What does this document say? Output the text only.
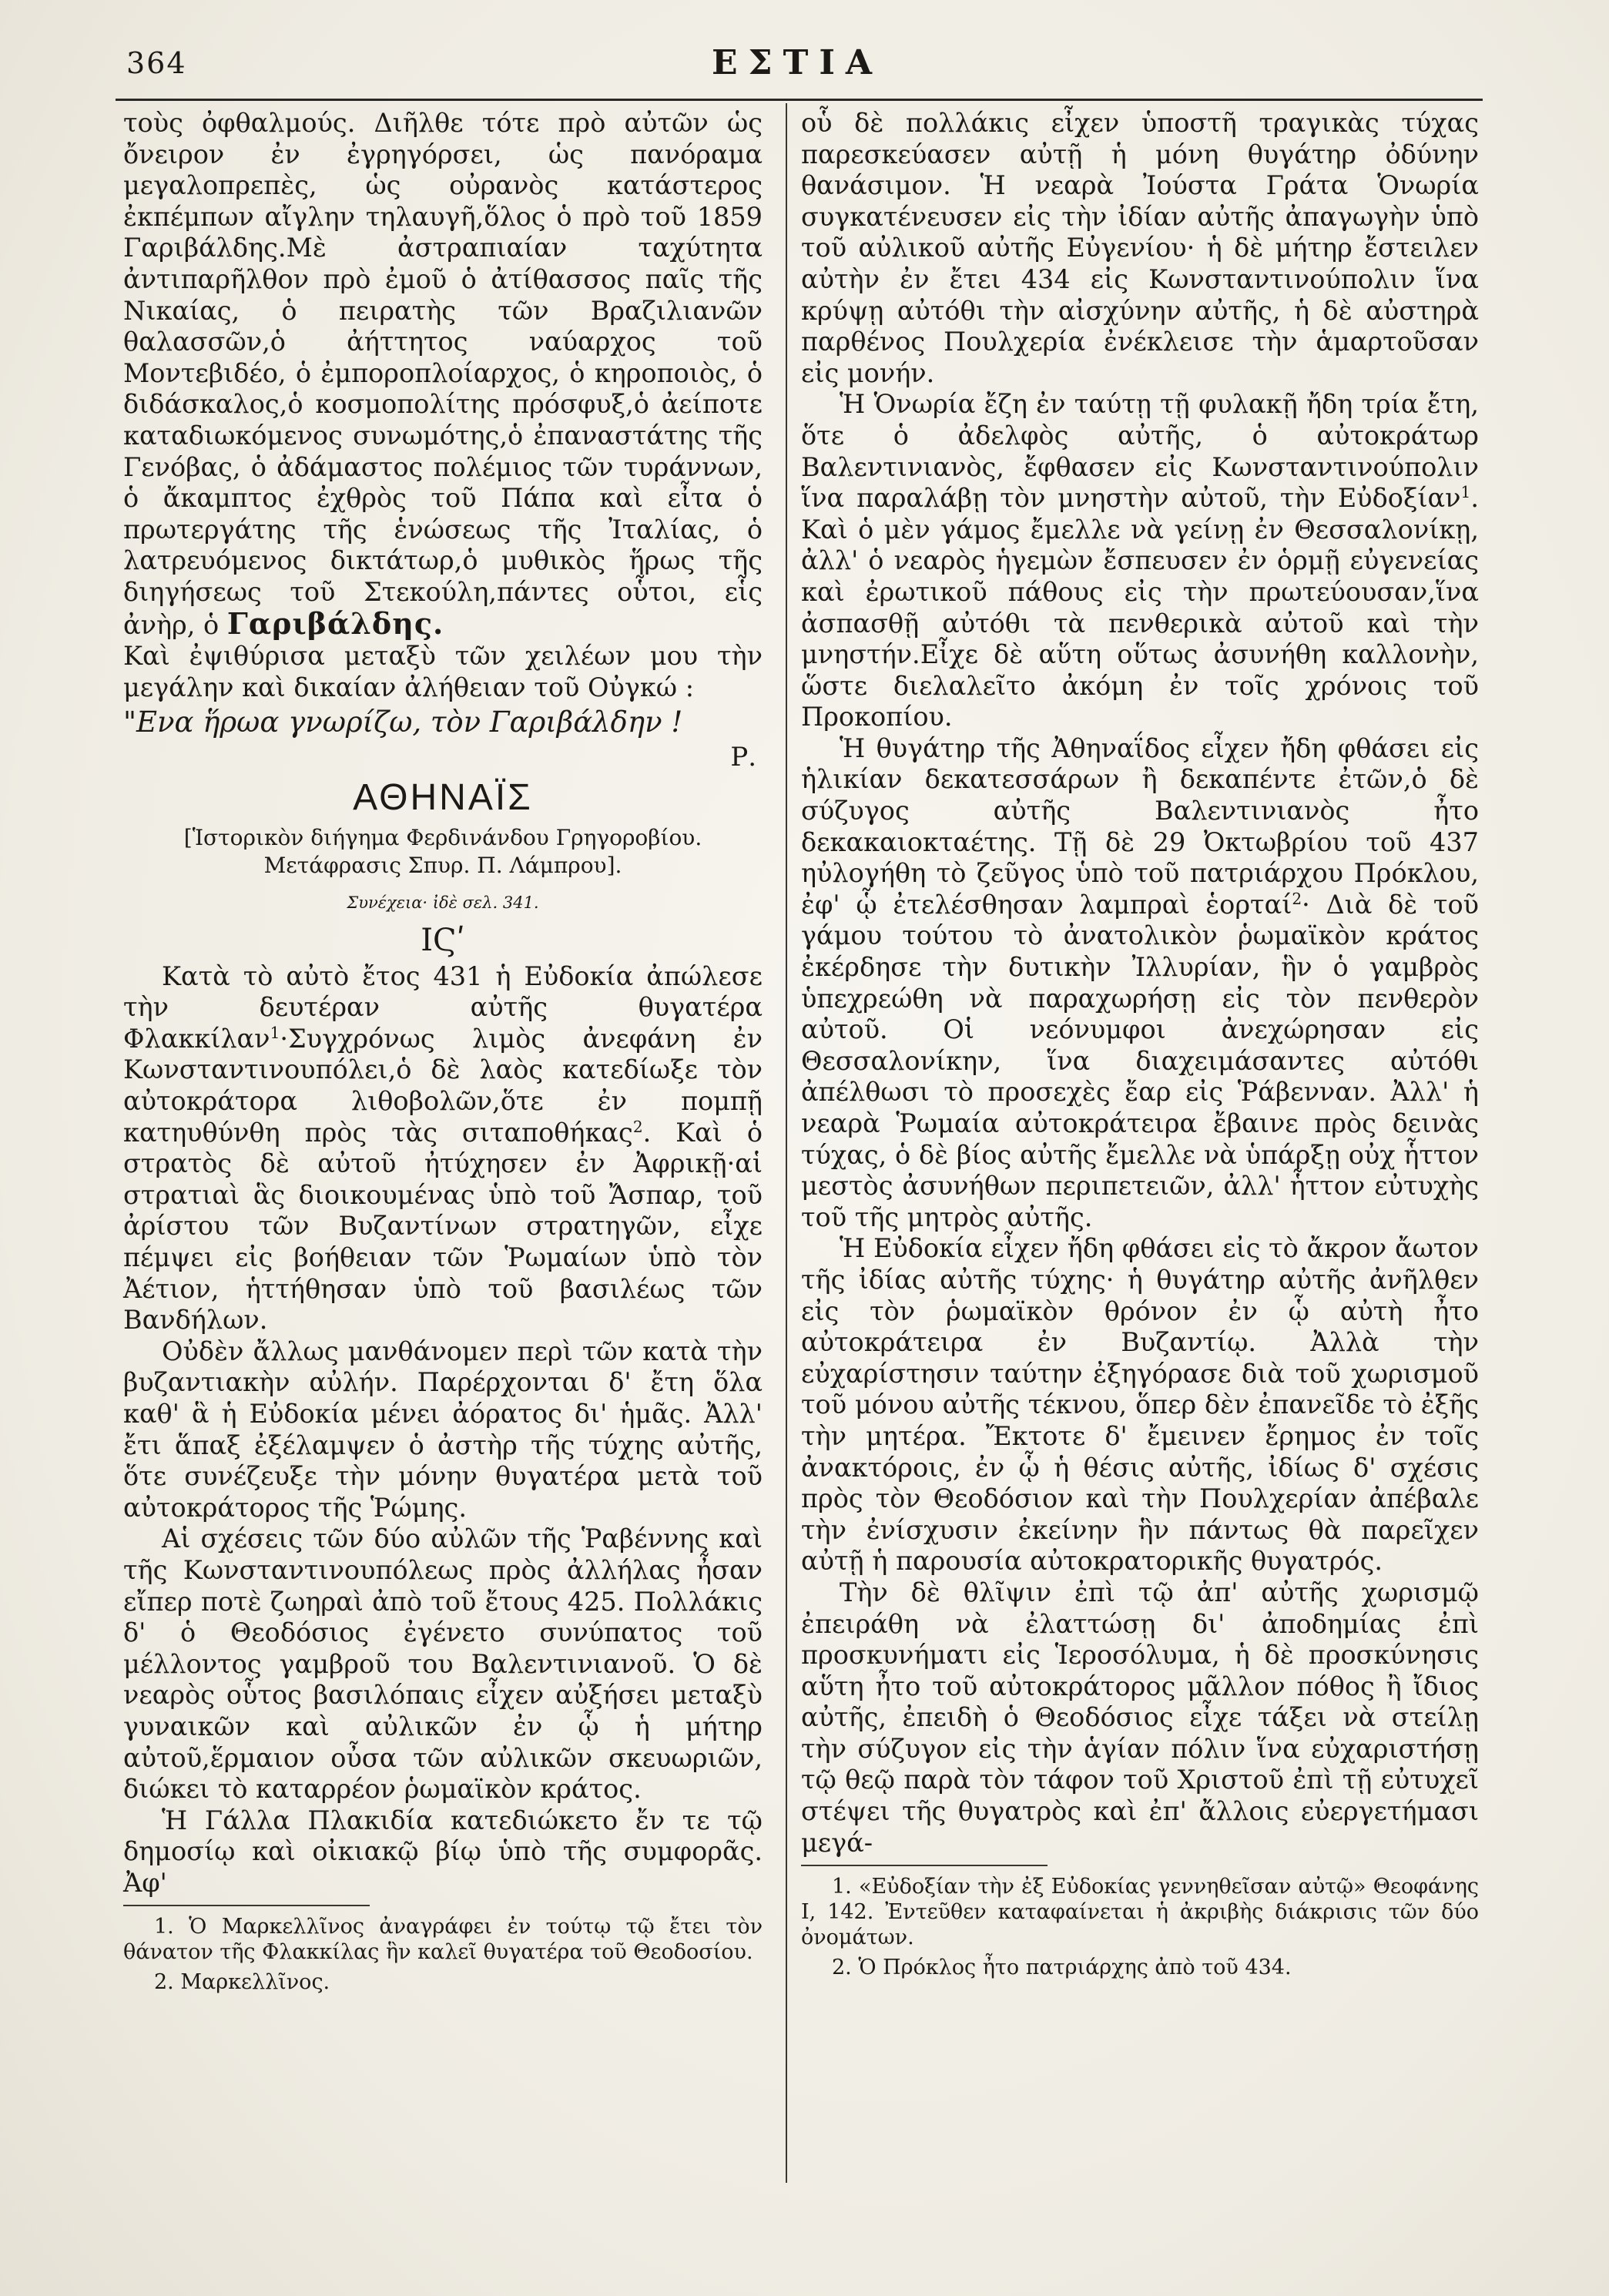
364	ΕΣΤΙΑ

τοὺς ὀφθαλμούς. Διῆλθε τότε πρὸ αὐτῶν ὡς ὄνειρον ἐν ἐγρηγόρσει, ὡς πανόραμα μεγαλοπρεπὲς, ὡς οὐρανὸς κατάστερος ἐκπέμπων αἴγλην τηλαυγῆ,ὅλος ὁ πρὸ τοῦ 1859 Γαριβάλδης.Μὲ ἀστραπιαίαν ταχύτητα ἀντιπαρῆλθον πρὸ ἐμοῦ ὁ ἀτίθασσος παῖς τῆς Νικαίας, ὁ πειρατὴς τῶν Βραζιλιανῶν θαλασσῶν,ὁ ἀήττητος ναύαρχος τοῦ Μοντεβιδέο, ὁ ἐμποροπλοίαρχος, ὁ κηροποιὸς, ὁ διδάσκαλος,ὁ κοσμοπολίτης πρόσφυξ,ὁ ἀείποτε καταδιωκόμενος συνωμότης,ὁ ἐπαναστάτης τῆς Γενόβας, ὁ ἀδάμαστος πολέμιος τῶν τυράννων, ὁ ἄκαμπτος ἐχθρὸς τοῦ Πάπα καὶ εἶτα ὁ πρωτεργάτης τῆς ἑνώσεως τῆς Ἰταλίας, ὁ λατρευόμενος δικτάτωρ,ὁ μυθικὸς ἥρως τῆς διηγήσεως τοῦ Στεκούλη,πάντες οὗτοι, εἷς ἀνὴρ, ὁ Γαριβάλδης.

Καὶ ἐψιθύρισα μεταξὺ τῶν χειλέων μου τὴν μεγάλην καὶ δικαίαν ἀλήθειαν τοῦ Οὐγκώ :

"Ενα ἥρωα γνωρίζω, τὸν Γαριβάλδην !

Ρ.

ΑΘΗΝΑΪΣ
[Ἱστορικὸν διήγημα Φερδινάνδου Γρηγοροβίου.
Μετάφρασις Σπυρ. Π. Λάμπρου].
Συνέχεια· ἰδὲ σελ. 341.
ΙϚʹ

Κατὰ τὸ αὐτὸ ἔτος 431 ἡ Εὐδοκία ἀπώλεσε τὴν δευτέραν αὐτῆς θυγατέρα Φλακκίλαν$^1$·Συγχρόνως λιμὸς ἀνεφάνη ἐν Κωνσταντινουπόλει,ὁ δὲ λαὸς κατεδίωξε τὸν αὐτοκράτορα λιθοβολῶν,ὅτε ἐν πομπῇ κατηυθύνθη πρὸς τὰς σιταποθήκας$^2$. Καὶ ὁ στρατὸς δὲ αὐτοῦ ἠτύχησεν ἐν Ἀφρικῇ·αἱ στρατιαὶ ἃς διοικουμένας ὑπὸ τοῦ Ἄσπαρ, τοῦ ἀρίστου τῶν Βυζαντίνων στρατηγῶν, εἶχε πέμψει εἰς βοήθειαν τῶν Ῥωμαίων ὑπὸ τὸν Ἀέτιον, ἡττήθησαν ὑπὸ τοῦ βασιλέως τῶν Βανδήλων.

Οὐδὲν ἄλλως μανθάνομεν περὶ τῶν κατὰ τὴν βυζαντιακὴν αὐλήν. Παρέρχονται δ' ἔτη ὅλα καθ' ἃ ἡ Εὐδοκία μένει ἀόρατος δι' ἡμᾶς. Ἀλλ' ἔτι ἅπαξ ἐξέλαμψεν ὁ ἀστὴρ τῆς τύχης αὐτῆς, ὅτε συνέζευξε τὴν μόνην θυγατέρα μετὰ τοῦ αὐτοκράτορος τῆς Ῥώμης.

Αἱ σχέσεις τῶν δύο αὐλῶν τῆς Ῥαβέννης καὶ τῆς Κωνσταντινουπόλεως πρὸς ἀλλήλας ἦσαν εἴπερ ποτὲ ζωηραὶ ἀπὸ τοῦ ἔτους 425. Πολλάκις δ' ὁ Θεοδόσιος ἐγένετο συνύπατος τοῦ μέλλοντος γαμβροῦ του Βαλεντινιανοῦ. Ὁ δὲ νεαρὸς οὗτος βασιλόπαις εἶχεν αὐξήσει μεταξὺ γυναικῶν καὶ αὐλικῶν ἐν ᾧ ἡ μήτηρ αὐτοῦ,ἕρμαιον οὖσα τῶν αὐλικῶν σκευωριῶν, διώκει τὸ καταρρέον ῥωμαϊκὸν κράτος.

Ἡ Γάλλα Πλακιδία κατεδιώκετο ἔν τε τῷ δημοσίῳ καὶ οἰκιακῷ βίῳ ὑπὸ τῆς συμφορᾶς. Ἀφ'

1. Ὁ Μαρκελλῖνος ἀναγράφει ἐν τούτῳ τῷ ἔτει τὸν θάνατον τῆς Φλακκίλας ἣν καλεῖ θυγατέρα τοῦ Θεοδοσίου.

2. Μαρκελλῖνος.

οὗ δὲ πολλάκις εἶχεν ὑποστῆ τραγικὰς τύχας παρεσκεύασεν αὐτῇ ἡ μόνη θυγάτηρ ὀδύνην θανάσιμον. Ἡ νεαρὰ Ἰούστα Γράτα Ὁνωρία συγκατένευσεν εἰς τὴν ἰδίαν αὐτῆς ἀπαγωγὴν ὑπὸ τοῦ αὐλικοῦ αὐτῆς Εὐγενίου· ἡ δὲ μήτηρ ἔστειλεν αὐτὴν ἐν ἔτει 434 εἰς Κωνσταντινούπολιν ἵνα κρύψῃ αὐτόθι τὴν αἰσχύνην αὐτῆς, ἡ δὲ αὐστηρὰ παρθένος Πουλχερία ἐνέκλεισε τὴν ἁμαρτοῦσαν εἰς μονήν.

Ἡ Ὁνωρία ἔζη ἐν ταύτῃ τῇ φυλακῇ ἤδη τρία ἔτη, ὅτε ὁ ἀδελφὸς αὐτῆς, ὁ αὐτοκράτωρ Βαλεντινιανὸς, ἔφθασεν εἰς Κωνσταντινούπολιν ἵνα παραλάβῃ τὸν μνηστὴν αὐτοῦ, τὴν Εὐδοξίαν$^1$. Καὶ ὁ μὲν γάμος ἔμελλε νὰ γείνῃ ἐν Θεσσαλονίκῃ, ἀλλ' ὁ νεαρὸς ἡγεμὼν ἔσπευσεν ἐν ὁρμῇ εὐγενείας καὶ ἐρωτικοῦ πάθους εἰς τὴν πρωτεύουσαν,ἵνα ἀσπασθῇ αὐτόθι τὰ πενθερικὰ αὐτοῦ καὶ τὴν μνηστήν.Εἶχε δὲ αὕτη οὕτως ἀσυνήθη καλλονὴν, ὥστε διελαλεῖτο ἀκόμη ἐν τοῖς χρόνοις τοῦ Προκοπίου.

Ἡ θυγάτηρ τῆς Ἀθηναΐδος εἶχεν ἤδη φθάσει εἰς ἡλικίαν δεκατεσσάρων ἢ δεκαπέντε ἐτῶν,ὁ δὲ σύζυγος αὐτῆς Βαλεντινιανὸς ἦτο δεκακαιοκταέτης. Τῇ δὲ 29 Ὀκτωβρίου τοῦ 437 ηὐλογήθη τὸ ζεῦγος ὑπὸ τοῦ πατριάρχου Πρόκλου, ἐφ' ᾧ ἐτελέσθησαν λαμπραὶ ἑορταί$^2$· Διὰ δὲ τοῦ γάμου τούτου τὸ ἀνατολικὸν ῥωμαϊκὸν κράτος ἐκέρδησε τὴν δυτικὴν Ἰλλυρίαν, ἣν ὁ γαμβρὸς ὑπεχρεώθη νὰ παραχωρήσῃ εἰς τὸν πενθερὸν αὐτοῦ. Οἱ νεόνυμφοι ἀνεχώρησαν εἰς Θεσσαλονίκην, ἵνα διαχειμάσαντες αὐτόθι ἀπέλθωσι τὸ προσεχὲς ἔαρ εἰς Ῥάβενναν. Ἀλλ' ἡ νεαρὰ Ῥωμαία αὐτοκράτειρα ἔβαινε πρὸς δεινὰς τύχας, ὁ δὲ βίος αὐτῆς ἔμελλε νὰ ὑπάρξῃ οὐχ ἧττον μεστὸς ἀσυνήθων περιπετειῶν, ἀλλ' ἧττον εὐτυχὴς τοῦ τῆς μητρὸς αὐτῆς.

Ἡ Εὐδοκία εἶχεν ἤδη φθάσει εἰς τὸ ἄκρον ἄωτον τῆς ἰδίας αὐτῆς τύχης· ἡ θυγάτηρ αὐτῆς ἀνῆλθεν εἰς τὸν ῥωμαϊκὸν θρόνον ἐν ᾧ αὐτὴ ἦτο αὐτοκράτειρα ἐν Βυζαντίῳ. Ἀλλὰ τὴν εὐχαρίστησιν ταύτην ἐξηγόρασε διὰ τοῦ χωρισμοῦ τοῦ μόνου αὐτῆς τέκνου, ὅπερ δὲν ἐπανεῖδε τὸ ἐξῆς τὴν μητέρα. Ἔκτοτε δ' ἔμεινεν ἔρημος ἐν τοῖς ἀνακτόροις, ἐν ᾧ ἡ θέσις αὐτῆς, ἰδίως δ' σχέσις πρὸς τὸν Θεοδόσιον καὶ τὴν Πουλχερίαν ἀπέβαλε τὴν ἐνίσχυσιν ἐκείνην ἣν πάντως θὰ παρεῖχεν αὐτῇ ἡ παρουσία αὐτοκρατορικῆς θυγατρός.

Τὴν δὲ θλῖψιν ἐπὶ τῷ ἀπ' αὐτῆς χωρισμῷ ἐπειράθη νὰ ἐλαττώσῃ δι' ἀποδημίας ἐπὶ προσκυνήματι εἰς Ἱεροσόλυμα, ἡ δὲ προσκύνησις αὕτη ἦτο τοῦ αὐτοκράτορος μᾶλλον πόθος ἢ ἴδιος αὐτῆς, ἐπειδὴ ὁ Θεοδόσιος εἶχε τάξει νὰ στείλῃ τὴν σύζυγον εἰς τὴν ἁγίαν πόλιν ἵνα εὐχαριστήσῃ τῷ θεῷ παρὰ τὸν τάφον τοῦ Χριστοῦ ἐπὶ τῇ εὐτυχεῖ στέψει τῆς θυγατρὸς καὶ ἐπ' ἄλλοις εὐεργετήμασι μεγά-

1. «Εὐδοξίαν τὴν ἐξ Εὐδοκίας γεννηθεῖσαν αὐτῷ» Θεοφάνης Ι, 142. Ἐντεῦθεν καταφαίνεται ἡ ἀκριβὴς διάκρισις τῶν δύο ὀνομάτων.

2. Ὁ Πρόκλος ἦτο πατριάρχης ἀπὸ τοῦ 434.
